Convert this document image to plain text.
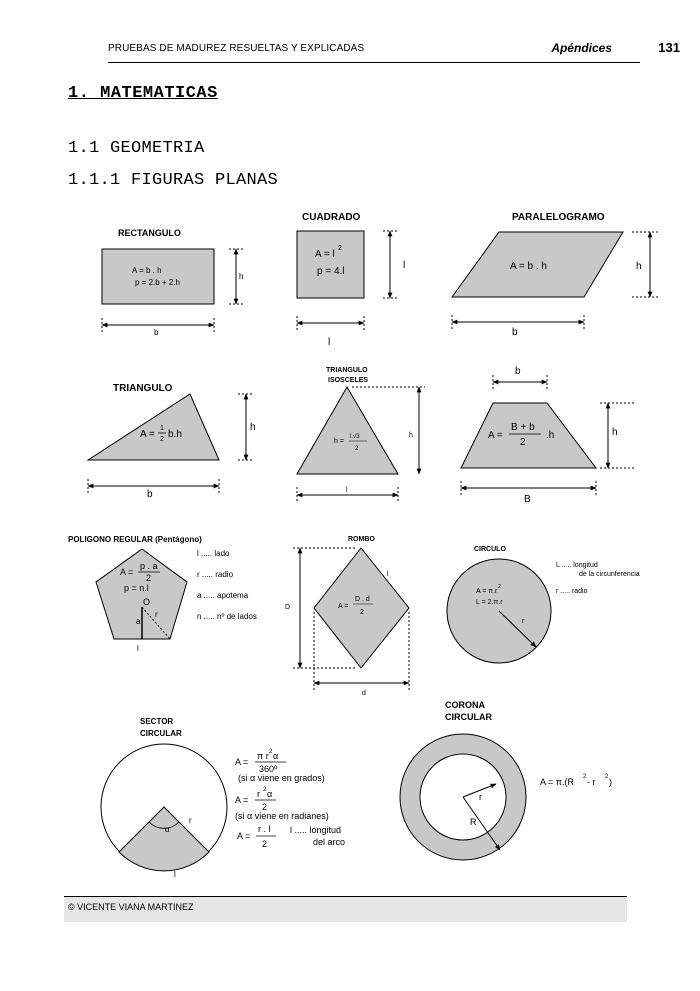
PRUEBAS DE MADUREZ RESUELTAS Y EXPLICADAS	Apéndices	131
1. MATEMATICAS
1.1 GEOMETRIA
1.1.1 FIGURAS PLANAS
RECTANGULO
A = b . h
p = 2.b + 2.h
h
b
CUADRADO
A = l
2
p = 4.l
l
l
PARALELOGRAMO
A = b . h	h
b
TRIANGULO
A =
1
2 b.h
h
b
TRIANGULO
ISOSCELES
h =
l.√3
2
h
l
b
A =
B + b
2
.h	h
B
POLIGONO REGULAR (Pentágono)
A =
p . a
2
p = n.l
O
a
r
l
l ..... lado
r ..... radio
a ..... apotema
n ..... nº de lados
ROMBO
A =
D . d
2
l
D
d
CIRCULO
A = π.r
2
L = 2.π.r
r
L ..... longitud
de la circunferencia
r ..... radio
SECTOR
CIRCULAR
α
r
l
A =
π r 2 α
360º
(si α viene en grados)
A =
r 2 α
2
(si α viene en radianes)
A =
r . l
2
l ..... longitud
del arco
CORONA
CIRCULAR
r
R
A = π.(R 2 - r 2 )
© VICENTE VIANA MARTINEZ
